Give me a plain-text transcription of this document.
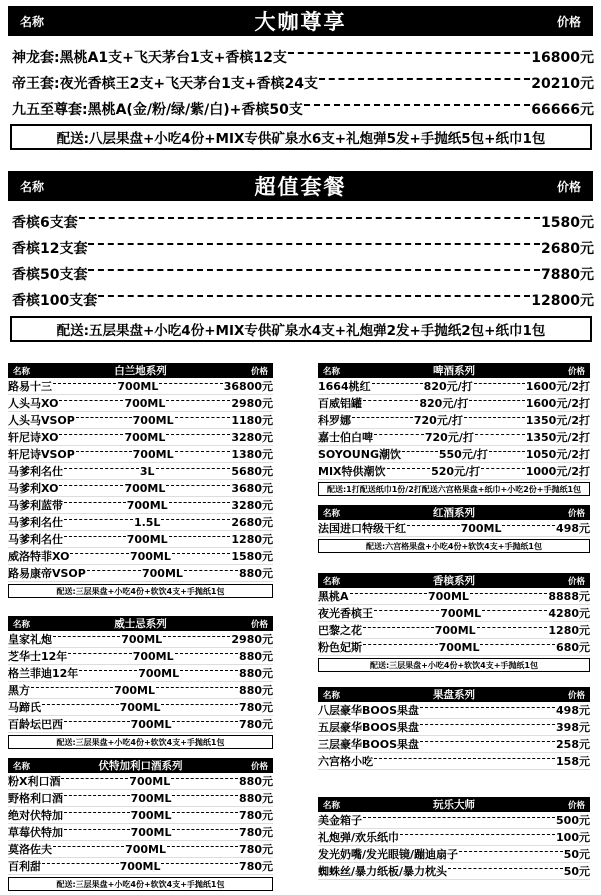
名称	大咖尊享	价格
神龙套:黑桃A1支+飞天茅台1支+香槟12支	16800元
帝王套:夜光香槟王2支+飞天茅台1支+香槟24支	20210元
九五至尊套:黑桃A(金/粉/绿/紫/白)+香槟50支	66666元
配送:八层果盘+小吃4份+MIX专供矿泉水6支+礼炮弹5发+手抛纸5包+纸巾1包
名称	超值套餐	价格
香槟6支套	1580元
香槟12支套	2680元
香槟50支套	7880元
香槟100支套	12800元
配送:五层果盘+小吃4份+MIX专供矿泉水4支+礼炮弹2发+手抛纸2包+纸巾1包
名称	白兰地系列	价格
路易十三	700ML	36800元
人头马XO	700ML	2980元
人头马VSOP	700ML	1180元
轩尼诗XO	700ML	3280元
轩尼诗VSOP	700ML	1380元
马爹利名仕	3L	5680元
马爹利XO	700ML	3680元
马爹利蓝带	700ML	3280元
马爹利名仕	1.5L	2680元
马爹利名仕	700ML	1280元
威洛特菲XO	700ML	1580元
路易康帝VSOP	700ML	880元
配送:三层果盘+小吃4份+软饮4支+手抛纸1包
名称	威士忌系列	价格
皇家礼炮	700ML	2980元
芝华士12年	700ML	880元
格兰菲迪12年	700ML	880元
黑方	700ML	880元
马蹄氏	700ML	780元
百龄坛巴西	700ML	780元
配送:三层果盘+小吃4份+软饮4支+手抛纸1包
名称	伏特加利口酒系列	价格
粉X利口酒	700ML	880元
野格利口酒	700ML	880元
绝对伏特加	700ML	780元
草莓伏特加	700ML	780元
莫洛佐夫	700ML	780元
百利甜	700ML	780元
配送:三层果盘+小吃4份+软饮4支+手抛纸1包
名称	啤酒系列	价格
1664桃红	820元/打	1600元/2打
百威铝罐	820元/打	1600元/2打
科罗娜	720元/打	1350元/2打
嘉士伯白啤	720元/打	1350元/2打
SOYOUNG潮饮	550元/打	1050元/2打
MIX特供潮饮	520元/打	1000元/2打
配送:1打配送纸巾1份/2打配送六宫格果盘+纸巾+小吃2份+手抛纸1包
名称	红酒系列	价格
法国进口特级干红	700ML	498元
配送:六宫格果盘+小吃4份+软饮4支+手抛纸1包
名称	香槟系列	价格
黑桃A	700ML	8888元
夜光香槟王	700ML	4280元
巴黎之花	700ML	1280元
粉色妃斯	700ML	680元
配送:三层果盘+小吃4份+软饮4支+手抛纸1包
名称	果盘系列	价格
八层豪华BOOS果盘	498元
五层豪华BOOS果盘	398元
三层豪华BOOS果盘	258元
六宫格小吃	158元
名称	玩乐大师	价格
美金箱子	500元
礼炮弹/欢乐纸巾	100元
发光奶嘴/发光眼镜/蹦迪扇子	50元
蜘蛛丝/暴力纸板/暴力枕头	50元
